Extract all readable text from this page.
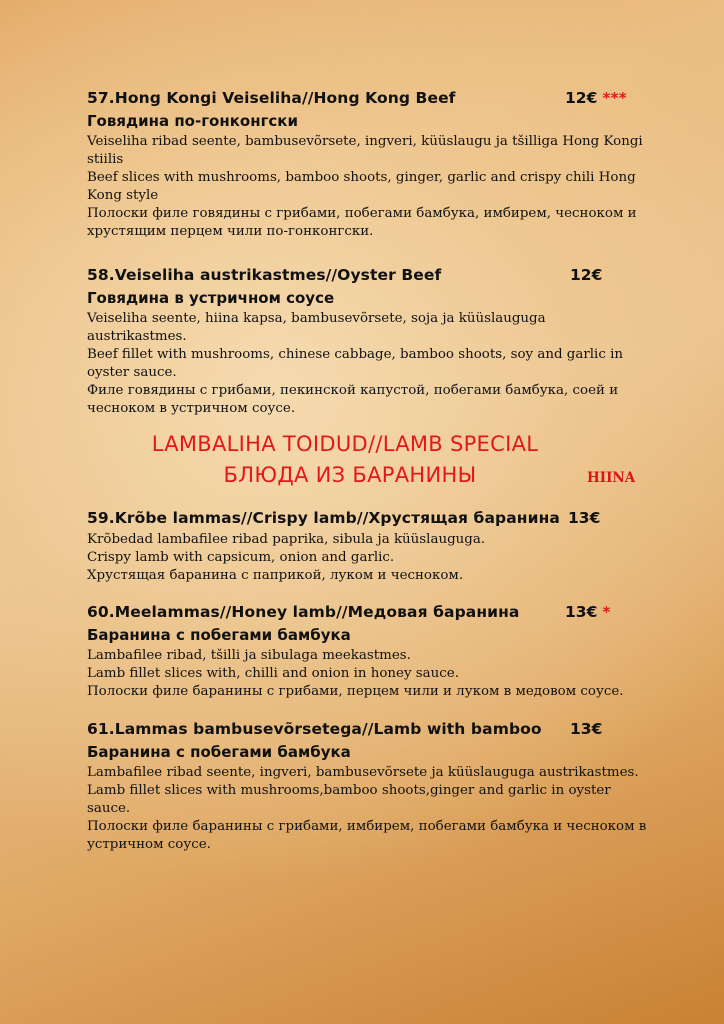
57.Hong Kongi Veiseliha//Hong Kong Beef	12€ ***
Говядина по-гонконгски

Veiseliha ribad seente, bambusevõrsete, ingveri, küüslaugu ja tšilliga Hong Kongi stiilis

Beef slices with mushrooms, bamboo shoots, ginger, garlic and crispy chili Hong Kong style

Полоски филе говядины с грибами, побегами бамбука, имбирем, чесноком и хрустящим перцем чили по-гонконгски.

58.Veiseliha austrikastmes//Oyster Beef	12€
Говядина в устричном соусе

Veiseliha seente, hiina kapsa, bambusevõrsete, soja ja küüslauguga austrikastmes.

Beef fillet with mushrooms, chinese cabbage, bamboo shoots, soy and garlic in oyster sauce.

Филе говядины с грибами, пекинской капустой, побегами бамбука, соей и чесноком в устричном соусе.

LAMBALIHA TOIDUD//LAMB SPECIAL
БЛЮДА ИЗ БАРАНИНЫ	HIINA
59.Krõbe lammas//Crispy lamb//Хрустящая баранина 13€

Krõbedad lambafilee ribad paprika, sibula ja küüslauguga.

Crispy lamb with capsicum, onion and garlic.

Хрустящая баранина с паприкой, луком и чесноком.

60.Meelammas//Honey lamb//Медовая баранина	13€ *
Баранина с побегами бамбука

Lambafilee ribad, tšilli ja sibulaga meekastmes.

Lamb fillet slices with, chilli and onion in honey sauce.

Полоски филе баранины с грибами, перцем чили и луком в медовом соусе.

61.Lammas bambusevõrsetega//Lamb with bamboo 13€
Баранина с побегами бамбука

Lambafilee ribad seente, ingveri, bambusevõrsete ja küüslauguga austrikastmes.

Lamb fillet slices with mushrooms,bamboo shoots,ginger and garlic in oyster sauce.

Полоски филе баранины с грибами, имбирем, побегами бамбука и чесноком в устричном соусе.
